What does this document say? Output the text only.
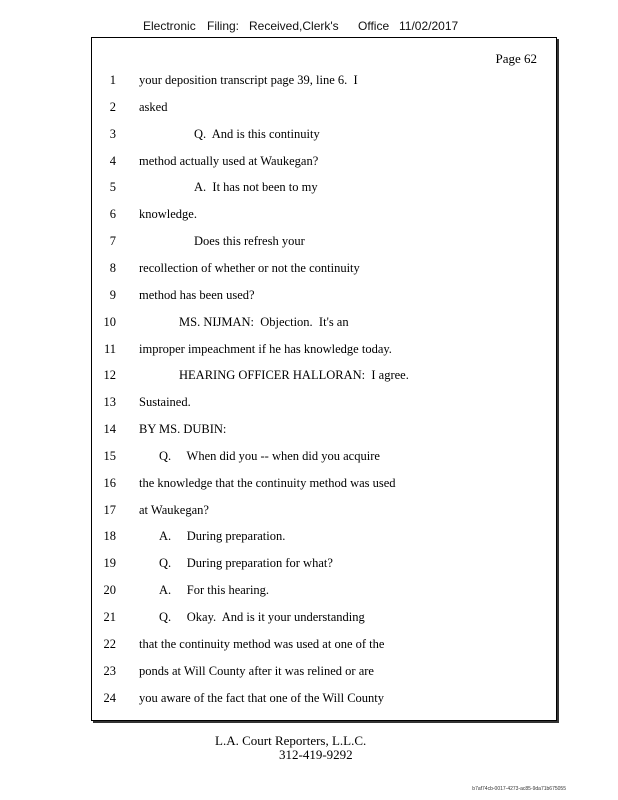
Electronic Filing: Received,Clerk's Office 11/02/2017
Page 62
1 your deposition transcript page 39, line 6.  I
2 asked
3	Q.  And is this continuity
4 method actually used at Waukegan?
5	A.  It has not been to my
6 knowledge.
7	Does this refresh your
8 recollection of whether or not the continuity
9 method has been used?
10	MS. NIJMAN:  Objection.  It's an
11 improper impeachment if he has knowledge today.
12	HEARING OFFICER HALLORAN:  I agree.
13 Sustained.
14 BY MS. DUBIN:
15	Q.     When did you -- when did you acquire
16 the knowledge that the continuity method was used
17 at Waukegan?
18	A.     During preparation.
19	Q.     During preparation for what?
20	A.     For this hearing.
21	Q.     Okay.  And is it your understanding
22 that the continuity method was used at one of the
23 ponds at Will County after it was relined or are
24 you aware of the fact that one of the Will County
L.A. Court Reporters, L.L.C.
312-419-9292
b7af74cb-0017-4273-ac85-9da71b675055
